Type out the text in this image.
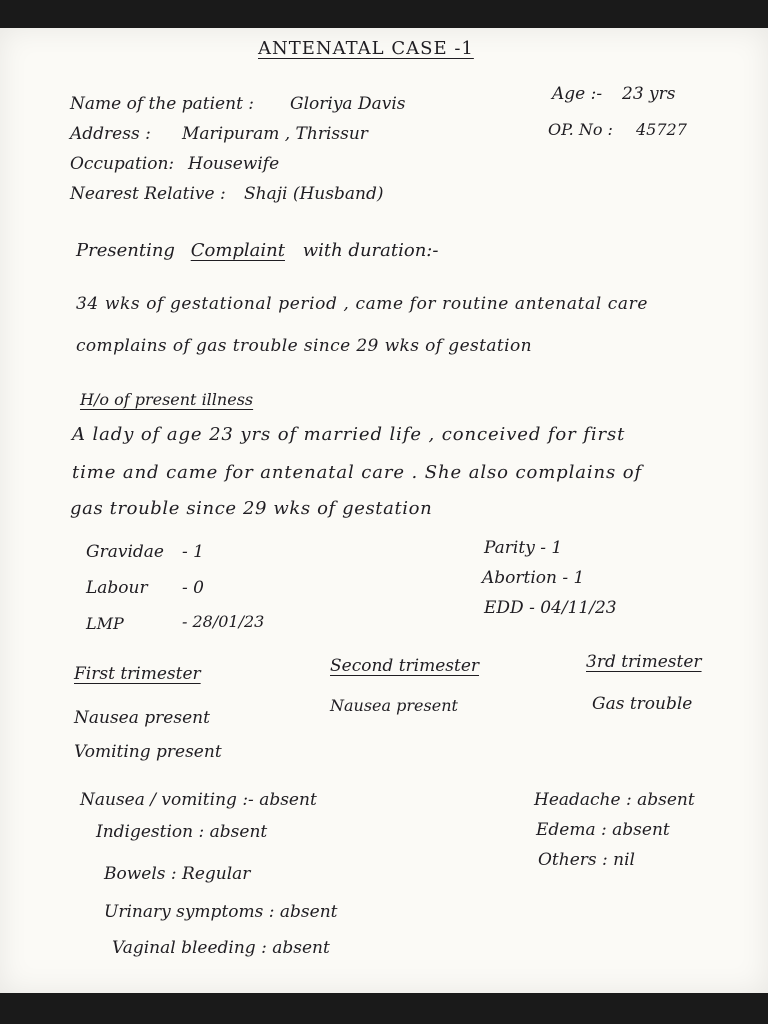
ANTENATAL CASE -1
Name of the patient : Gloriya Davis	Age :- 23 yrs
Address : Maripuram , Thrissur	OP. No : 45727
Occupation: Housewife
Nearest Relative : Shaji (Husband)
Presenting Complaint with duration:-
34 wks of gestational period , came for routine antenatal care
complains of gas trouble since 29 wks of gestation
H/o of present illness
A lady of age 23 yrs of married life , conceived for first
time and came for antenatal care . She also complains of
gas trouble since 29 wks of gestation
Gravidae - 1
Labour - 0
LMP	- 28/01/23
Parity - 1
Abortion - 1
EDD - 04/11/23
First trimester
Nausea present
Vomiting present
Second trimester
Nausea present
3rd trimester
Gas trouble
Nausea / vomiting :- absent
Indigestion : absent
Bowels : Regular
Urinary symptoms : absent
Vaginal bleeding : absent
Headache : absent
Edema : absent
Others : nil
